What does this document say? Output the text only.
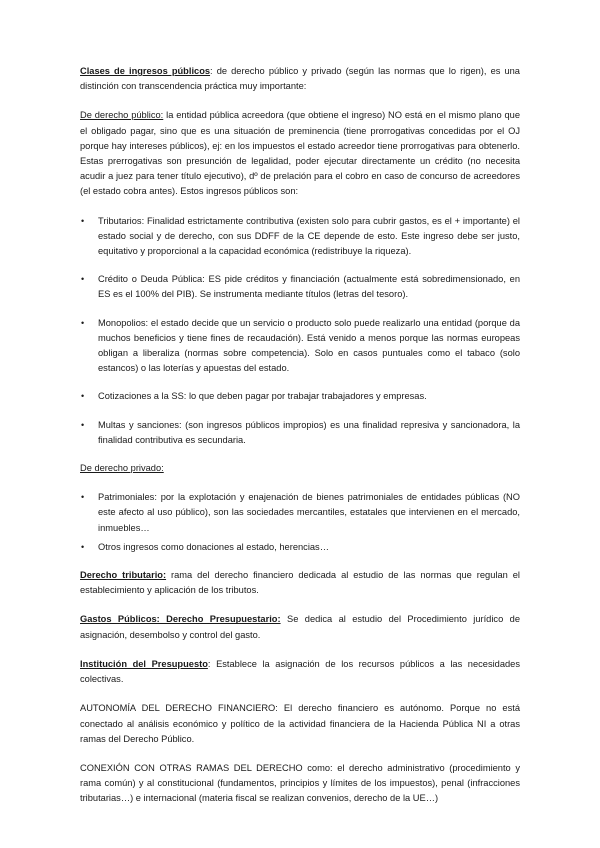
Clases de ingresos públicos: de derecho público y privado (según las normas que lo rigen), es una distinción con transcendencia práctica muy importante:

De derecho público: la entidad pública acreedora (que obtiene el ingreso) NO está en el mismo plano que el obligado pagar, sino que es una situación de preminencia (tiene prorrogativas concedidas por el OJ porque hay intereses públicos), ej: en los impuestos el estado acreedor tiene prorrogativas para obtenerlo. Estas prerrogativas son presunción de legalidad, poder ejecutar directamente un crédito (no necesita acudir a juez para tener título ejecutivo), dº de prelación para el cobro en caso de concurso de acreedores (el estado cobra antes). Estos ingresos públicos son:

• Tributarios: Finalidad estrictamente contributiva (existen solo para cubrir gastos, es el + importante) el estado social y de derecho, con sus DDFF de la CE depende de esto. Este ingreso debe ser justo, equitativo y proporcional a la capacidad económica (redistribuye la riqueza).
• Crédito o Deuda Pública: ES pide créditos y financiación (actualmente está sobredimensionado, en ES es el 100% del PIB). Se instrumenta mediante títulos (letras del tesoro).
• Monopolios: el estado decide que un servicio o producto solo puede realizarlo una entidad (porque da muchos beneficios y tiene fines de recaudación). Está venido a menos porque las normas europeas obligan a liberaliza (normas sobre competencia). Solo en casos puntuales como el tabaco (solo estancos) o las loterías y apuestas del estado.
• Cotizaciones a la SS: lo que deben pagar por trabajar trabajadores y empresas.
• Multas y sanciones: (son ingresos públicos impropios) es una finalidad represiva y sancionadora, la finalidad contributiva es secundaria.

De derecho privado:

• Patrimoniales: por la explotación y enajenación de bienes patrimoniales de entidades públicas (NO este afecto al uso público), son las sociedades mercantiles, estatales que intervienen en el mercado, inmuebles…
• Otros ingresos como donaciones al estado, herencias…

Derecho tributario: rama del derecho financiero dedicada al estudio de las normas que regulan el establecimiento y aplicación de los tributos.

Gastos Públicos: Derecho Presupuestario: Se dedica al estudio del Procedimiento jurídico de asignación, desembolso y control del gasto.

Institución del Presupuesto: Establece la asignación de los recursos públicos a las necesidades colectivas.

AUTONOMÍA DEL DERECHO FINANCIERO: El derecho financiero es autónomo. Porque no está conectado al análisis económico y político de la actividad financiera de la Hacienda Pública NI a otras ramas del Derecho Público.

CONEXIÓN CON OTRAS RAMAS DEL DERECHO como: el derecho administrativo (procedimiento y rama común) y al constitucional (fundamentos, principios y límites de los impuestos), penal (infracciones tributarias…) e internacional (materia fiscal se realizan convenios, derecho de la UE…)
